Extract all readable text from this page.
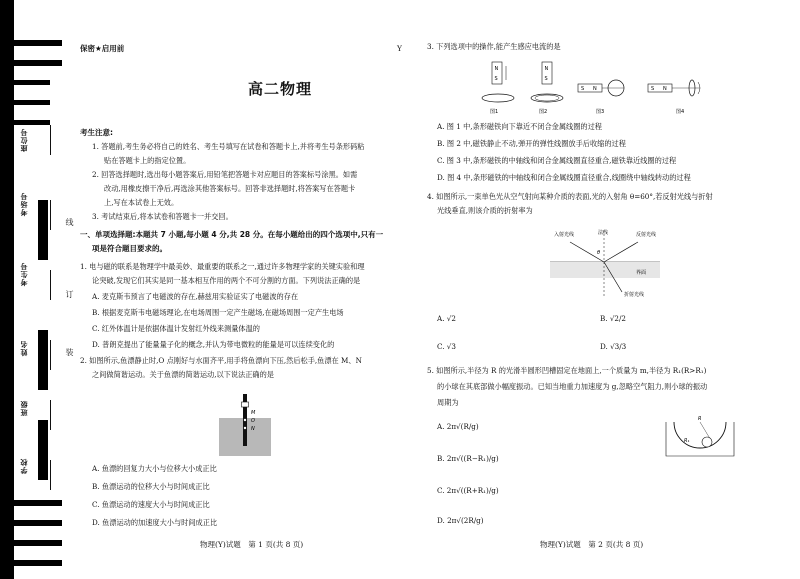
座位号
考场号
考生号
姓名
班级
学校
线
订
装
保密★启用前	Y
高二物理
考生注意:
1. 答题前,考生务必将自己的姓名、考生号填写在试卷和答题卡上,并将考生号条形码粘
贴在答题卡上的指定位置。
2. 回答选择题时,选出每小题答案后,用铅笔把答题卡对应题目的答案标号涂黑。如需
改动,用橡皮擦干净后,再选涂其他答案标号。回答非选择题时,将答案写在答题卡
上,写在本试卷上无效。
3. 考试结束后,将本试卷和答题卡一并交回。
一、单项选择题:本题共 7 小题,每小题 4 分,共 28 分。在每小题给出的四个选项中,只有一
项是符合题目要求的。
1. 电与磁的联系是物理学中最美妙、最重要的联系之一,通过许多物理学家的关键实验和理
论突破,发现它们其实是同一基本相互作用的两个不可分割的方面。下列说法正确的是
A. 麦克斯韦预言了电磁波的存在,赫兹用实验证实了电磁波的存在
B. 根据麦克斯韦电磁场理论,在电场周围一定产生磁场,在磁场周围一定产生电场
C. 红外体温计是依据体温计发射红外线来测量体温的
D. 普朗克提出了能量量子化的概念,并认为带电微粒的能量是可以连续变化的
2. 如图所示,鱼漂静止时,O 点刚好与水面齐平,用手将鱼漂向下压,然后松手,鱼漂在 M、N
之间做简谐运动。关于鱼漂的简谐运动,以下说法正确的是
M
O
N
A. 鱼漂的回复力大小与位移大小成正比
B. 鱼漂运动的位移大小与时间成正比
C. 鱼漂运动的速度大小与时间成正比
D. 鱼漂运动的加速度大小与时间成正比
物理(Y)试题　第 1 页(共 8 页)
3. 下列选项中的操作,能产生感应电流的是
N
S
图1
N
S
图2
S N
图3
S N
图4
A. 图 1 中,条形磁铁向下靠近不闭合金属线圈的过程
B. 图 2 中,磁铁静止不动,弹开的弹性线圈放手后收缩的过程
C. 图 3 中,条形磁铁的中轴线和闭合金属线圈直径重合,磁铁靠近线圈的过程
D. 图 4 中,条形磁铁的中轴线和闭合金属线圈直径重合,线圈绕中轴线转动的过程
4. 如图所示,一束单色光从空气射向某种介质的表面,光的入射角 θ=60°,若反射光线与折射
光线垂直,则该介质的折射率为
入射光线	法线	反射光线
界面
折射光线
θ
A. √2	B. √2/2
C. √3	D. √3/3
5. 如图所示,半径为 R 的光滑半圆形凹槽固定在地面上,一个质量为 m,半径为 R₁(R>R₁)
的小球在其底部做小幅度振动。已知当地重力加速度为 g,忽略空气阻力,则小球的振动
周期为
A. 2π√(R/g)
B. 2π√((R−R₁)/g)
C. 2π√((R+R₁)/g)
D. 2π√(2R/g)
R
R₁
物理(Y)试题　第 2 页(共 8 页)
